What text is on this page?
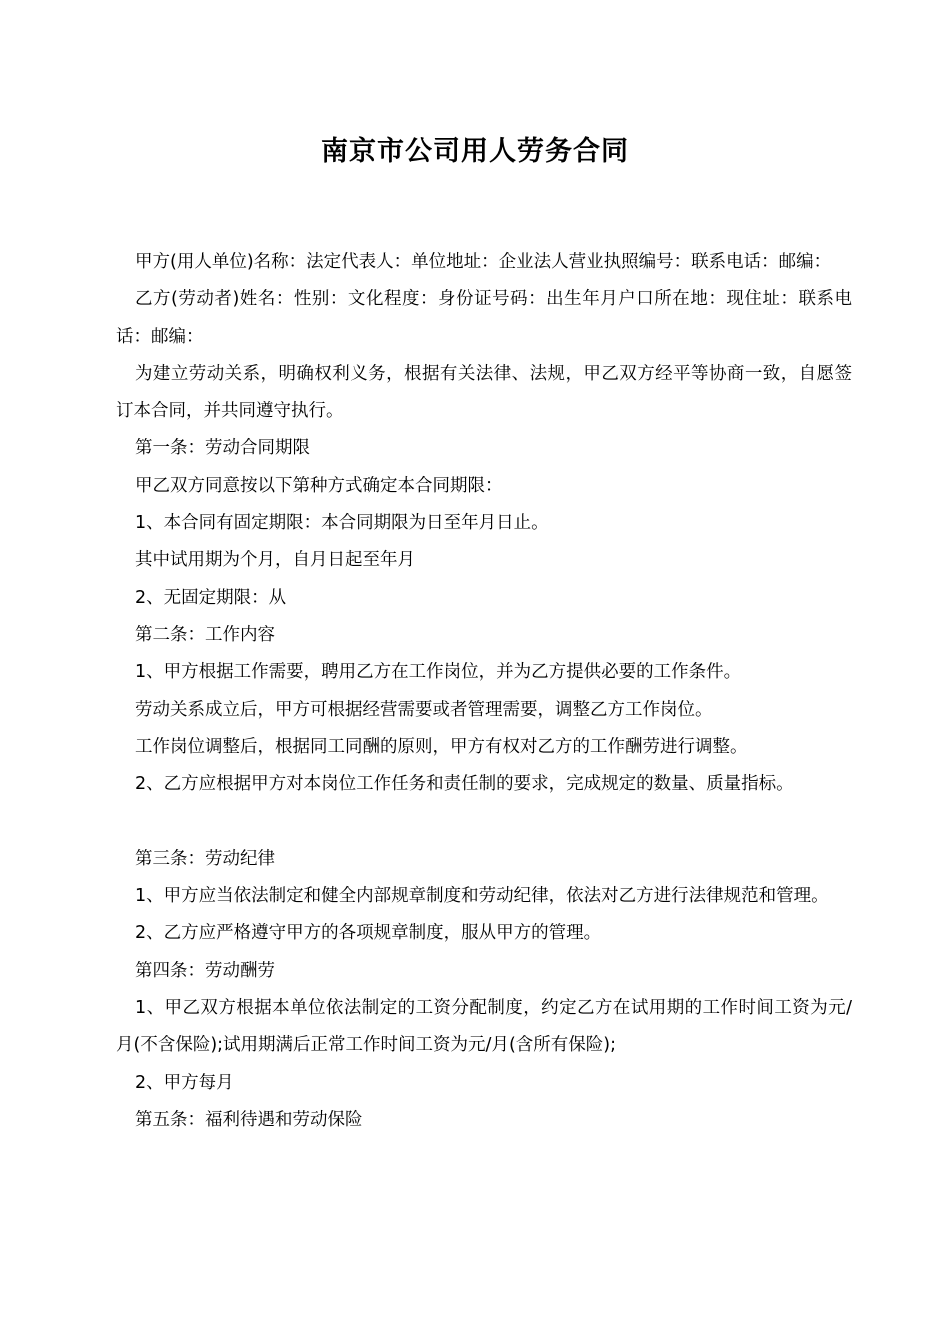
南京市公司用人劳务合同

甲方(用人单位)名称：法定代表人：单位地址：企业法人营业执照编号：联系电话：邮编：

乙方(劳动者)姓名：性别：文化程度：身份证号码：出生年月户口所在地：现住址：联系电话：邮编：

为建立劳动关系，明确权利义务，根据有关法律、法规，甲乙双方经平等协商一致，自愿签订本合同，并共同遵守执行。

第一条：劳动合同期限

甲乙双方同意按以下第种方式确定本合同期限：

1、本合同有固定期限：本合同期限为日至年月日止。

其中试用期为个月，自月日起至年月

2、无固定期限：从

第二条：工作内容

1、甲方根据工作需要，聘用乙方在工作岗位，并为乙方提供必要的工作条件。

劳动关系成立后，甲方可根据经营需要或者管理需要，调整乙方工作岗位。

工作岗位调整后，根据同工同酬的原则，甲方有权对乙方的工作酬劳进行调整。

2、乙方应根据甲方对本岗位工作任务和责任制的要求，完成规定的数量、质量指标。

第三条：劳动纪律

1、甲方应当依法制定和健全内部规章制度和劳动纪律，依法对乙方进行法律规范和管理。

2、乙方应严格遵守甲方的各项规章制度，服从甲方的管理。

第四条：劳动酬劳

1、甲乙双方根据本单位依法制定的工资分配制度，约定乙方在试用期的工作时间工资为元/月(不含保险);试用期满后正常工作时间工资为元/月(含所有保险);

2、甲方每月

第五条：福利待遇和劳动保险
